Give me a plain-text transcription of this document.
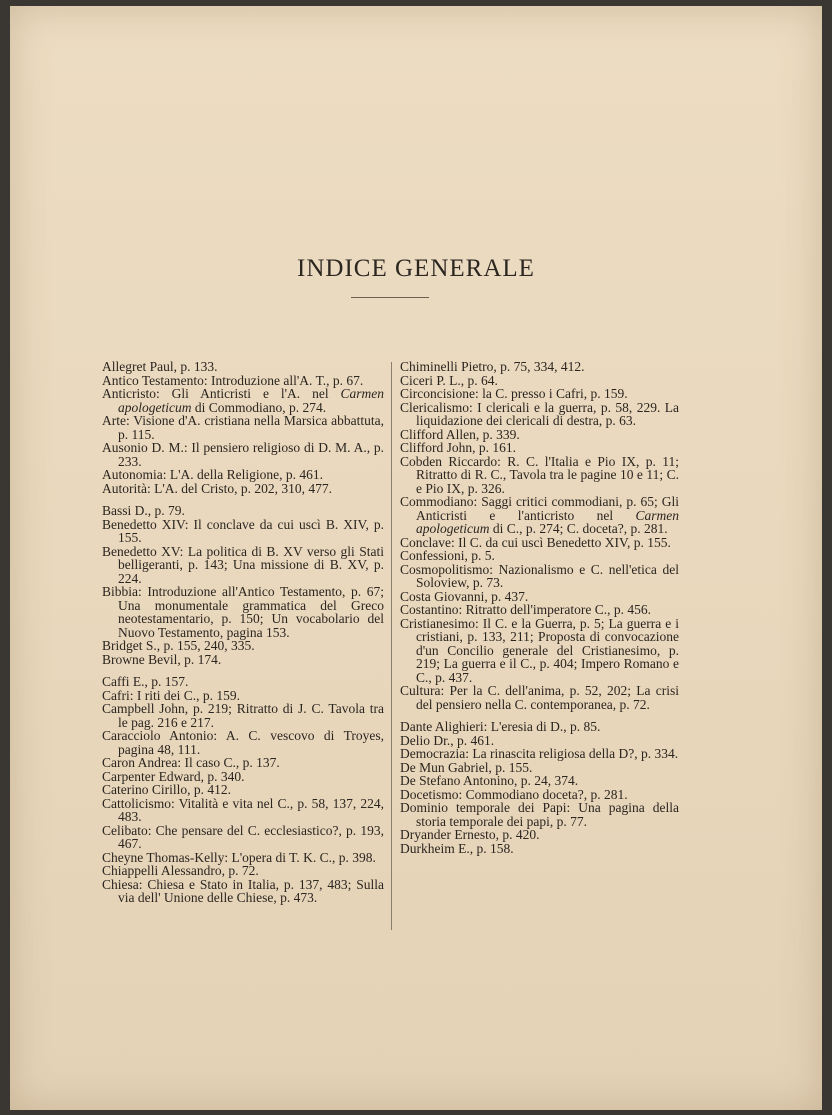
INDICE GENERALE
Allegret Paul, p. 133.
Antico Testamento: Introduzione all'A. T., p. 67.
Anticristo: Gli Anticristi e l'A. nel Carmen apologeticum di Commodiano, p. 274.
Arte: Visione d'A. cristiana nella Marsica abbattuta, p. 115.
Ausonio D. M.: Il pensiero religioso di D. M. A., p. 233.
Autonomia: L'A. della Religione, p. 461.
Autorità: L'A. del Cristo, p. 202, 310, 477.
Bassi D., p. 79.
Benedetto XIV: Il conclave da cui uscì B. XIV, p. 155.
Benedetto XV: La politica di B. XV verso gli Stati belligeranti, p. 143; Una missione di B. XV, p. 224.
Bibbia: Introduzione all'Antico Testamento, p. 67; Una monumentale grammatica del Greco neotestamentario, p. 150; Un vocabolario del Nuovo Testamento, pagina 153.
Bridget S., p. 155, 240, 335.
Browne Bevil, p. 174.
Caffi E., p. 157.
Cafri: I riti dei C., p. 159.
Campbell John, p. 219; Ritratto di J. C. Tavola tra le pag. 216 e 217.
Caracciolo Antonio: A. C. vescovo di Troyes, pagina 48, 111.
Caron Andrea: Il caso C., p. 137.
Carpenter Edward, p. 340.
Caterino Cirillo, p. 412.
Cattolicismo: Vitalità e vita nel C., p. 58, 137, 224, 483.
Celibato: Che pensare del C. ecclesiastico?, p. 193, 467.
Cheyne Thomas-Kelly: L'opera di T. K. C., p. 398.
Chiappelli Alessandro, p. 72.
Chiesa: Chiesa e Stato in Italia, p. 137, 483; Sulla via dell' Unione delle Chiese, p. 473.
Chiminelli Pietro, p. 75, 334, 412.
Ciceri P. L., p. 64.
Circoncisione: la C. presso i Cafri, p. 159.
Clericalismo: I clericali e la guerra, p. 58, 229. La liquidazione dei clericali di destra, p. 63.
Clifford Allen, p. 339.
Clifford John, p. 161.
Cobden Riccardo: R. C. l'Italia e Pio IX, p. 11; Ritratto di R. C., Tavola tra le pagine 10 e 11; C. e Pio IX, p. 326.
Commodiano: Saggi critici commodiani, p. 65; Gli Anticristi e l'anticristo nel Carmen apologeticum di C., p. 274; C. doceta?, p. 281.
Conclave: Il C. da cui uscì Benedetto XIV, p. 155.
Confessioni, p. 5.
Cosmopolitismo: Nazionalismo e C. nell'etica del Soloview, p. 73.
Costa Giovanni, p. 437.
Costantino: Ritratto dell'imperatore C., p. 456.
Cristianesimo: Il C. e la Guerra, p. 5; La guerra e i cristiani, p. 133, 211; Proposta di convocazione d'un Concilio generale del Cristianesimo, p. 219; La guerra e il C., p. 404; Impero Romano e C., p. 437.
Cultura: Per la C. dell'anima, p. 52, 202; La crisi del pensiero nella C. contemporanea, p. 72.
Dante Alighieri: L'eresia di D., p. 85.
Delio Dr., p. 461.
Democrazia: La rinascita religiosa della D?, p. 334.
De Mun Gabriel, p. 155.
De Stefano Antonino, p. 24, 374.
Docetismo: Commodiano doceta?, p. 281.
Dominio temporale dei Papi: Una pagina della storia temporale dei papi, p. 77.
Dryander Ernesto, p. 420.
Durkheim E., p. 158.
